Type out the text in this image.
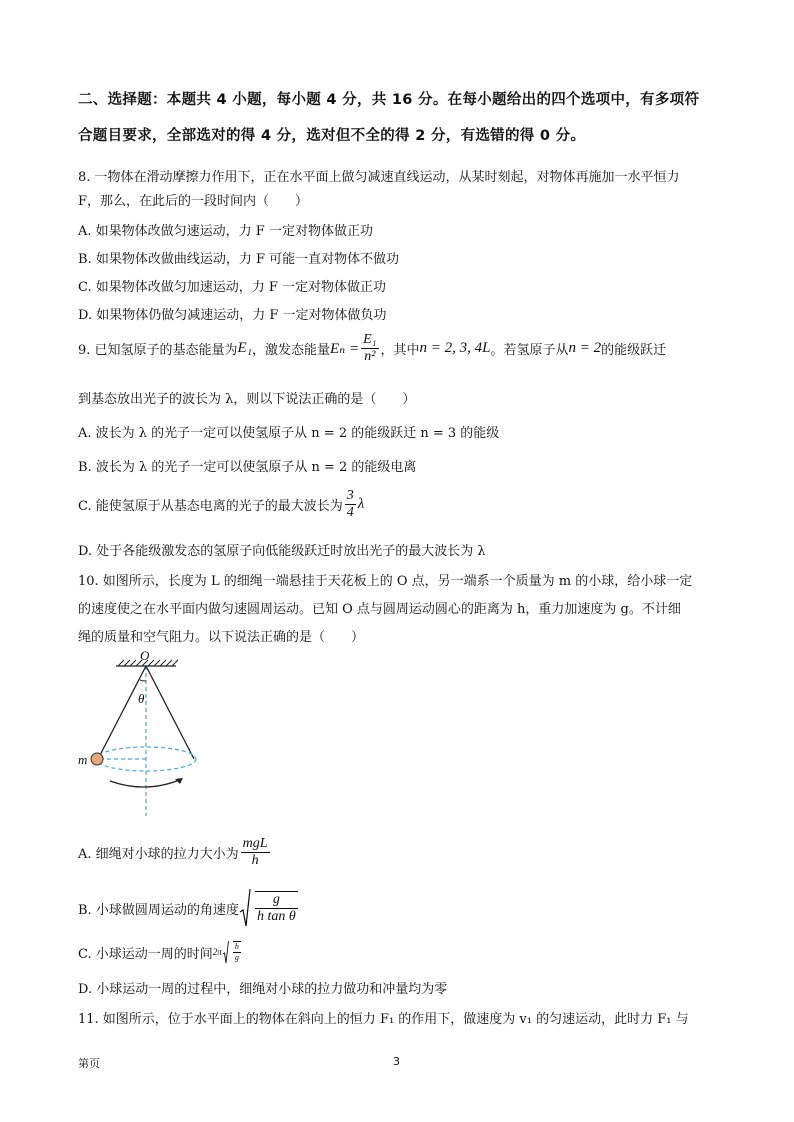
二、选择题：本题共 4 小题，每小题 4 分，共 16 分。在每小题给出的四个选项中，有多项符
合题目要求，全部选对的得 4 分，选对但不全的得 2 分，有选错的得 0 分。
8. 一物体在滑动摩擦力作用下，正在水平面上做匀减速直线运动，从某时刻起，对物体再施加一水平恒力
F，那么，在此后的一段时间内（　　）
A. 如果物体改做匀速运动，力 F 一定对物体做正功
B. 如果物体改做曲线运动，力 F 可能一直对物体不做功
C. 如果物体改做匀加速运动，力 F 一定对物体做正功
D. 如果物体仍做匀减速运动，力 F 一定对物体做负功
9. 已知氢原子的基态能量为 E₁ ，激发态能量 $E_n = \frac{\text{E₁}}{\text{n²}}$ ，其中 n = 2, 3, 4L 。若氢原子从 n = 2 的能级跃迁
到基态放出光子的波长为 λ，则以下说法正确的是（　　）
A. 波长为 λ 的光子一定可以使氢原子从 n = 2 的能级跃迁 n = 3 的能级
B. 波长为 λ 的光子一定可以使氢原子从 n = 2 的能级电离
C. 能使氢原于从基态电离的光子的最大波长为 $\frac{3}{4}$ λ
D. 处于各能级激发态的氢原子向低能级跃迁时放出光子的最大波长为 λ
10. 如图所示，长度为 L 的细绳一端悬挂于天花板上的 O 点，另一端系一个质量为 m 的小球，给小球一定
的速度使之在水平面内做匀速圆周运动。已知 O 点与圆周运动圆心的距离为 h，重力加速度为 g。不计细
绳的质量和空气阻力。以下说法正确的是（　　）
O
θ
m
A. 细绳对小球的拉力大小为 $\frac{\text{mgL}}{h}$
B. 小球做圆周运动的角速度
$\frac{g}{\text{h tan θ}}$
C. 小球运动一周的时间 2π
$\frac{h}{g}$
D. 小球运动一周的过程中，细绳对小球的拉力做功和冲量均为零
11. 如图所示，位于水平面上的物体在斜向上的恒力 F₁ 的作用下，做速度为 v₁ 的匀速运动，此时力 F₁ 与
第页	3
